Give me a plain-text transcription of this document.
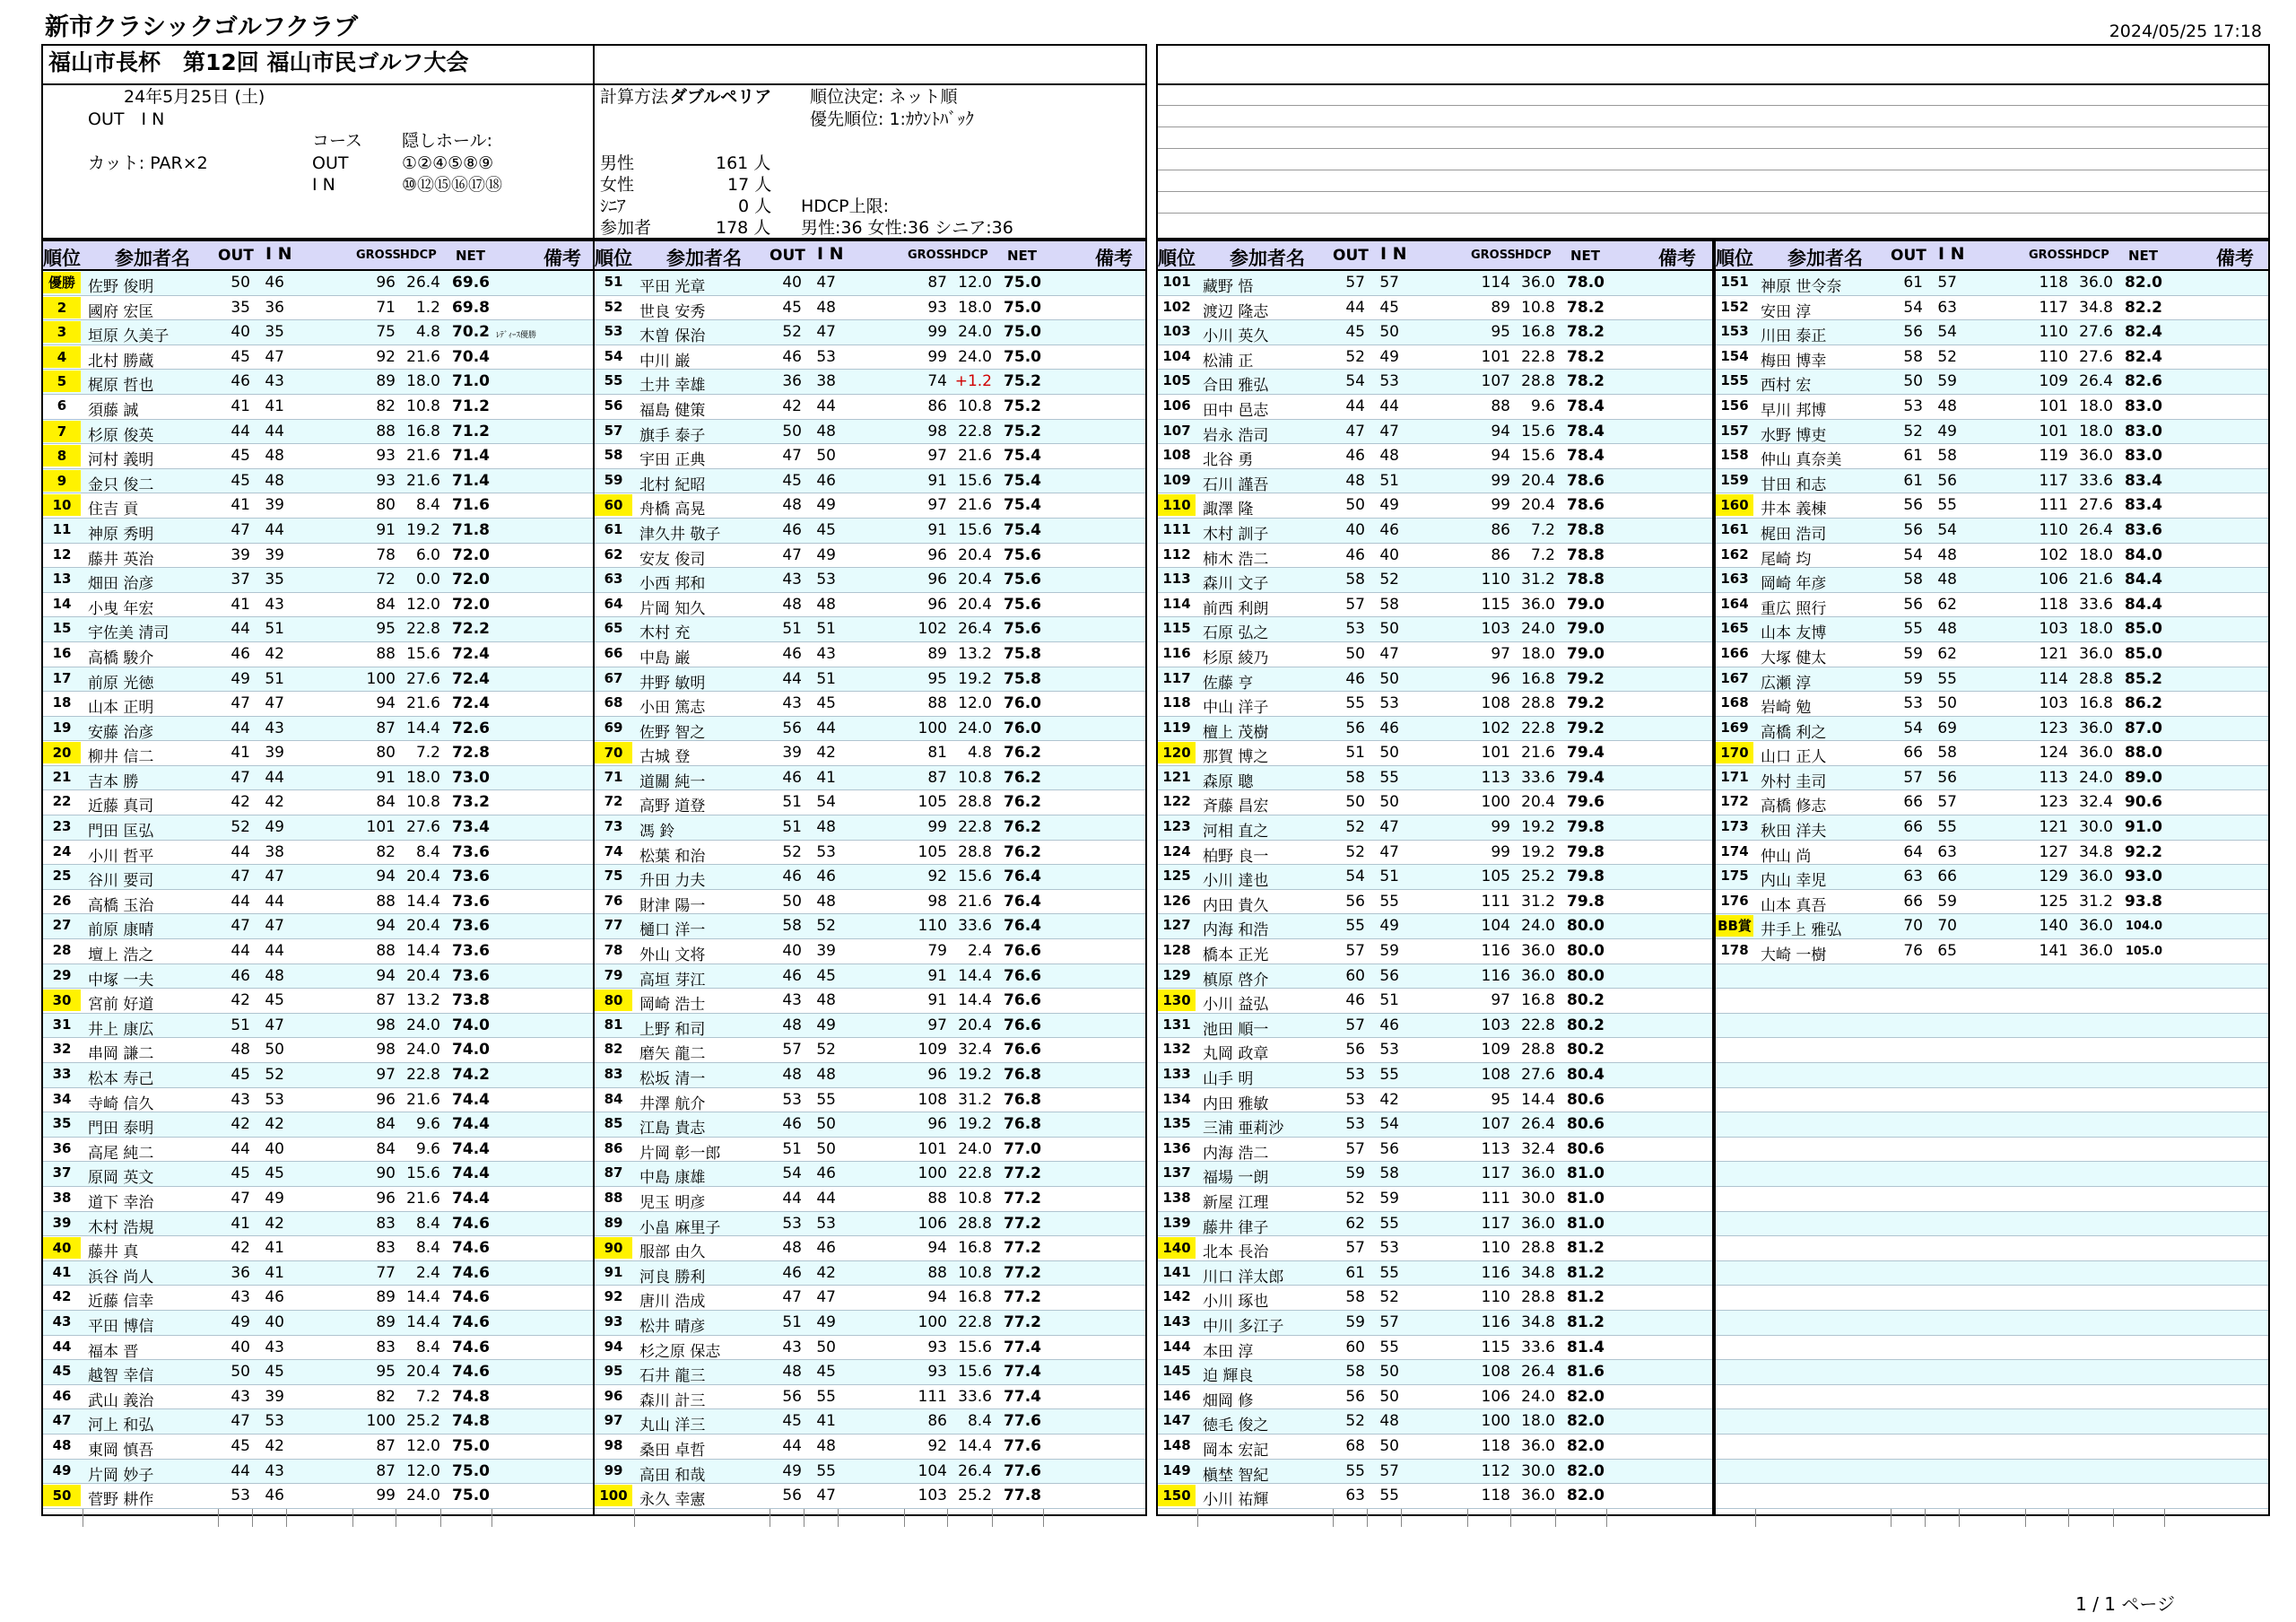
新市クラシックゴルフクラブ	2024/05/25 17:18
福山市長杯　第12回 福山市民ゴルフ大会
24年5月25日 (土)
OUT　I N
コース 隠しホール:
カット: PAR×2	OUT	①②④⑤⑧⑨
I N	⑩⑫⑮⑯⑰⑱
計算方法 ダブルペリア 順位決定: ネット順
優先順位: 1:ｶｳﾝﾄﾊﾞｯｸ
男性	161 人
女性	17 人
ｼﾆｱ	0 人 HDCP上限:
参加者	178 人 男性:36 女性:36 シニア:36
順位 参加者名 OUT I N	GROSS HDCP NET	備考
優勝 佐野 俊明	50 46	96 26.4 69.6
2	國府 宏匡	35 36	71	1.2 69.8
3	垣原 久美子	40 35	75	4.8 70.2 ﾚﾃﾞｨｰｽ優勝
4	北村 勝蔵	45 47	92 21.6 70.4
5	梶原 哲也	46 43	89 18.0 71.0
6	須藤 誠	41 41	82 10.8 71.2
7	杉原 俊英	44 44	88 16.8 71.2
8	河村 義明	45 48	93 21.6 71.4
9	金只 俊二	45 48	93 21.6 71.4
10	住吉 貢	41 39	80	8.4 71.6
11	神原 秀明	47 44	91 19.2 71.8
12	藤井 英治	39 39	78	6.0 72.0
13	畑田 治彦	37 35	72	0.0 72.0
14	小曳 年宏	41 43	84 12.0 72.0
15	宇佐美 清司	44 51	95 22.8 72.2
16	高橋 駿介	46 42	88 15.6 72.4
17	前原 光徳	49 51	100 27.6 72.4
18	山本 正明	47 47	94 21.6 72.4
19	安藤 治彦	44 43	87 14.4 72.6
20	柳井 信二	41 39	80	7.2 72.8
21	吉本 勝	47 44	91 18.0 73.0
22	近藤 真司	42 42	84 10.8 73.2
23	門田 匡弘	52 49	101 27.6 73.4
24	小川 哲平	44 38	82	8.4 73.6
25	谷川 要司	47 47	94 20.4 73.6
26	高橋 玉治	44 44	88 14.4 73.6
27	前原 康晴	47 47	94 20.4 73.6
28	壇上 浩之	44 44	88 14.4 73.6
29	中塚 一夫	46 48	94 20.4 73.6
30	宮前 好道	42 45	87 13.2 73.8
31	井上 康広	51 47	98 24.0 74.0
32	串岡 謙二	48 50	98 24.0 74.0
33	松本 寿己	45 52	97 22.8 74.2
34	寺崎 信久	43 53	96 21.6 74.4
35	門田 泰明	42 42	84	9.6 74.4
36	高尾 純二	44 40	84	9.6 74.4
37	原岡 英文	45 45	90 15.6 74.4
38	道下 幸治	47 49	96 21.6 74.4
39	木村 浩規	41 42	83	8.4 74.6
40	藤井 真	42 41	83	8.4 74.6
41	浜谷 尚人	36 41	77	2.4 74.6
42	近藤 信幸	43 46	89 14.4 74.6
43	平田 博信	49 40	89 14.4 74.6
44	福本 晋	40 43	83	8.4 74.6
45	越智 幸信	50 45	95 20.4 74.6
46	武山 義治	43 39	82	7.2 74.8
47	河上 和弘	47 53	100 25.2 74.8
48	東岡 慎吾	45 42	87 12.0 75.0
49	片岡 妙子	44 43	87 12.0 75.0
50	菅野 耕作	53 46	99 24.0 75.0
順位 参加者名 OUT I N	GROSS HDCP NET	備考
51	平田 光章	40 47	87 12.0 75.0
52	世良 安秀	45 48	93 18.0 75.0
53	木曽 保治	52 47	99 24.0 75.0
54	中川 巌	46 53	99 24.0 75.0
55	土井 幸雄	36 38	74 +1.2 75.2
56	福島 健策	42 44	86 10.8 75.2
57	旗手 泰子	50 48	98 22.8 75.2
58	宇田 正典	47 50	97 21.6 75.4
59	北村 紀昭	45 46	91 15.6 75.4
60	舟橋 高晃	48 49	97 21.6 75.4
61	津久井 敬子	46 45	91 15.6 75.4
62	安友 俊司	47 49	96 20.4 75.6
63	小西 邦和	43 53	96 20.4 75.6
64	片岡 知久	48 48	96 20.4 75.6
65	木村 充	51 51	102 26.4 75.6
66	中島 巌	46 43	89 13.2 75.8
67	井野 敏明	44 51	95 19.2 75.8
68	小田 篤志	43 45	88 12.0 76.0
69	佐野 智之	56 44	100 24.0 76.0
70	古城 登	39 42	81	4.8 76.2
71	道關 純一	46 41	87 10.8 76.2
72	高野 道登	51 54	105 28.8 76.2
73	馮 鈴	51 48	99 22.8 76.2
74	松葉 和治	52 53	105 28.8 76.2
75	升田 力夫	46 46	92 15.6 76.4
76	財津 陽一	50 48	98 21.6 76.4
77	樋口 洋一	58 52	110 33.6 76.4
78	外山 文将	40 39	79	2.4 76.6
79	高垣 芽江	46 45	91 14.4 76.6
80	岡崎 浩士	43 48	91 14.4 76.6
81	上野 和司	48 49	97 20.4 76.6
82	磨矢 龍二	57 52	109 32.4 76.6
83	松坂 清一	48 48	96 19.2 76.8
84	井澤 航介	53 55	108 31.2 76.8
85	江島 貴志	46 50	96 19.2 76.8
86	片岡 彰一郎	51 50	101 24.0 77.0
87	中島 康雄	54 46	100 22.8 77.2
88	児玉 明彦	44 44	88 10.8 77.2
89	小畠 麻里子	53 53	106 28.8 77.2
90	服部 由久	48 46	94 16.8 77.2
91	河良 勝利	46 42	88 10.8 77.2
92	唐川 浩成	47 47	94 16.8 77.2
93	松井 晴彦	51 49	100 22.8 77.2
94	杉之原 保志	43 50	93 15.6 77.4
95	石井 龍三	48 45	93 15.6 77.4
96	森川 計三	56 55	111 33.6 77.4
97	丸山 洋三	45 41	86	8.4 77.6
98	桑田 卓哲	44 48	92 14.4 77.6
99	高田 和哉	49 55	104 26.4 77.6
100 永久 幸憲	56 47	103 25.2 77.8
順位 参加者名 OUT I N	GROSS HDCP NET	備考
101 藏野 悟	57 57	114 36.0 78.0
102 渡辺 隆志	44 45	89 10.8 78.2
103 小川 英久	45 50	95 16.8 78.2
104 松浦 正	52 49	101 22.8 78.2
105 合田 雅弘	54 53	107 28.8 78.2
106 田中 邑志	44 44	88	9.6 78.4
107 岩永 浩司	47 47	94 15.6 78.4
108 北谷 勇	46 48	94 15.6 78.4
109 石川 謹吾	48 51	99 20.4 78.6
110 諏澤 隆	50 49	99 20.4 78.6
111 木村 訓子	40 46	86	7.2 78.8
112 柿木 浩二	46 40	86	7.2 78.8
113 森川 文子	58 52	110 31.2 78.8
114 前西 利朗	57 58	115 36.0 79.0
115 石原 弘之	53 50	103 24.0 79.0
116 杉原 綾乃	50 47	97 18.0 79.0
117 佐藤 亨	46 50	96 16.8 79.2
118 中山 洋子	55 53	108 28.8 79.2
119 檀上 茂樹	56 46	102 22.8 79.2
120 那賀 博之	51 50	101 21.6 79.4
121 森原 聰	58 55	113 33.6 79.4
122 斉藤 昌宏	50 50	100 20.4 79.6
123 河相 直之	52 47	99 19.2 79.8
124 柏野 良一	52 47	99 19.2 79.8
125 小川 達也	54 51	105 25.2 79.8
126 内田 貴久	56 55	111 31.2 79.8
127 内海 和浩	55 49	104 24.0 80.0
128 橋本 正光	57 59	116 36.0 80.0
129 槙原 啓介	60 56	116 36.0 80.0
130 小川 益弘	46 51	97 16.8 80.2
131 池田 順一	57 46	103 22.8 80.2
132 丸岡 政章	56 53	109 28.8 80.2
133 山手 明	53 55	108 27.6 80.4
134 内田 雅敏	53 42	95 14.4 80.6
135 三浦 亜莉沙	53 54	107 26.4 80.6
136 内海 浩二	57 56	113 32.4 80.6
137 福場 一朗	59 58	117 36.0 81.0
138 新屋 江理	52 59	111 30.0 81.0
139 藤井 律子	62 55	117 36.0 81.0
140 北本 長治	57 53	110 28.8 81.2
141 川口 洋太郎	61 55	116 34.8 81.2
142 小川 琢也	58 52	110 28.8 81.2
143 中川 多江子	59 57	116 34.8 81.2
144 本田 淳	60 55	115 33.6 81.4
145 迫 輝良	58 50	108 26.4 81.6
146 畑岡 修	56 50	106 24.0 82.0
147 徳毛 俊之	52 48	100 18.0 82.0
148 岡本 宏記	68 50	118 36.0 82.0
149 槇埜 智紀	55 57	112 30.0 82.0
150 小川 祐輝	63 55	118 36.0 82.0
順位 参加者名 OUT I N	GROSS HDCP NET	備考
151 神原 世令奈	61 57	118 36.0 82.0
152 安田 淳	54 63	117 34.8 82.2
153 川田 泰正	56 54	110 27.6 82.4
154 梅田 博幸	58 52	110 27.6 82.4
155 西村 宏	50 59	109 26.4 82.6
156 早川 邦博	53 48	101 18.0 83.0
157 水野 博吏	52 49	101 18.0 83.0
158 仲山 真奈美	61 58	119 36.0 83.0
159 甘田 和志	61 56	117 33.6 83.4
160 井本 義棟	56 55	111 27.6 83.4
161 梶田 浩司	56 54	110 26.4 83.6
162 尾崎 均	54 48	102 18.0 84.0
163 岡崎 年彦	58 48	106 21.6 84.4
164 重広 照行	56 62	118 33.6 84.4
165 山本 友博	55 48	103 18.0 85.0
166 大塚 健太	59 62	121 36.0 85.0
167 広瀬 淳	59 55	114 28.8 85.2
168 岩崎 勉	53 50	103 16.8 86.2
169 高橋 利之	54 69	123 36.0 87.0
170 山口 正人	66 58	124 36.0 88.0
171 外村 圭司	57 56	113 24.0 89.0
172 高橋 修志	66 57	123 32.4 90.6
173 秋田 洋夫	66 55	121 30.0 91.0
174 仲山 尚	64 63	127 34.8 92.2
175 内山 幸児	63 66	129 36.0 93.0
176 山本 真吾	66 59	125 31.2 93.8
BB賞 井手上 雅弘	70 70	140 36.0	104.0
178 大崎 一樹	76 65	141 36.0	105.0
1 / 1 ページ
